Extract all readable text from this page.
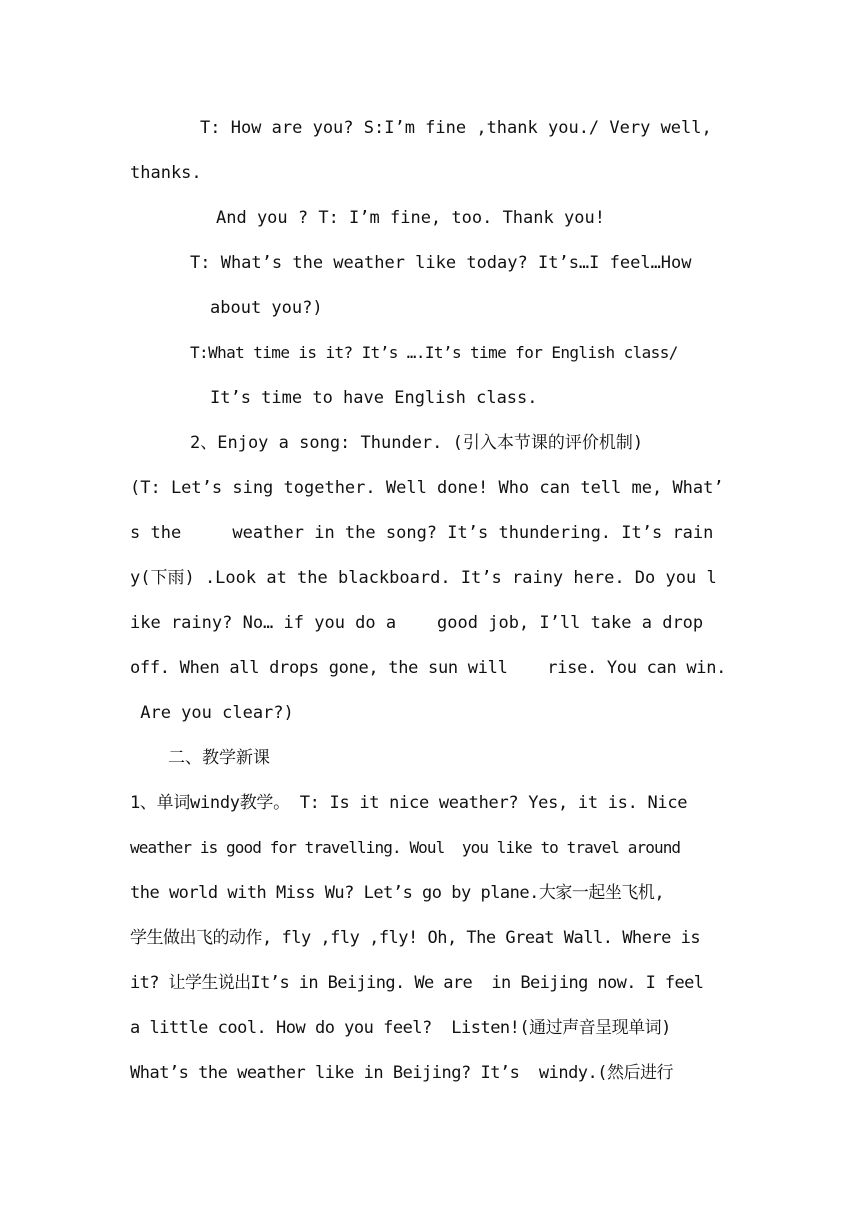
T: How are you? S:I’m fine ,thank you./ Very well,
thanks.
And you ? T: I’m fine, too. Thank you!
T: What’s the weather like today? It’s…I feel…How
about you?)
T:What time is it? It’s ….It’s time for English class/
It’s time to have English class.
2、Enjoy a song: Thunder. (引入本节课的评价机制)
(T: Let’s sing together. Well done! Who can tell me, What’
s the     weather in the song? It’s thundering. It’s rain
y(下雨) .Look at the blackboard. It’s rainy here. Do you l
ike rainy? No… if you do a    good job, I’ll take a drop
off. When all drops gone, the sun will    rise. You can win.
Are you clear?)
二、教学新课
1、单词windy教学。 T: Is it nice weather? Yes, it is. Nice
weather is good for travelling. Woul  you like to travel around
the world with Miss Wu? Let’s go by plane.大家一起坐飞机,
学生做出飞的动作, fly ,fly ,fly! Oh, The Great Wall. Where is
it? 让学生说出It’s in Beijing. We are  in Beijing now. I feel
a little cool. How do you feel?  Listen!(通过声音呈现单词)
What’s the weather like in Beijing? It’s  windy.(然后进行
